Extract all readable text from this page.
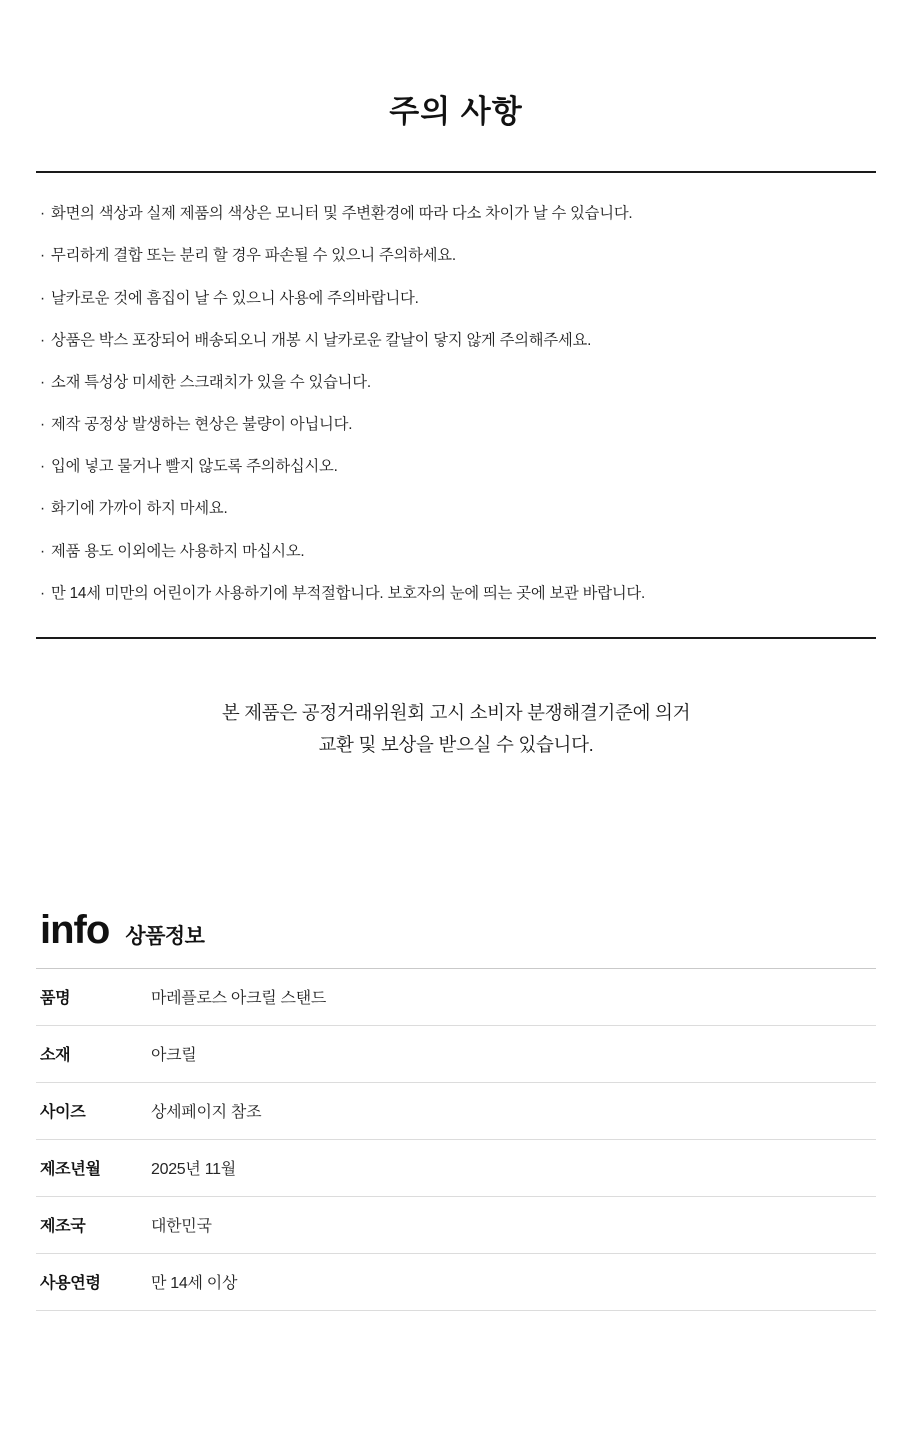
주의 사항
· 화면의 색상과 실제 제품의 색상은 모니터 및 주변환경에 따라 다소 차이가 날 수 있습니다.
· 무리하게 결합 또는 분리 할 경우 파손될 수 있으니 주의하세요.
· 날카로운 것에 흠집이 날 수 있으니 사용에 주의바랍니다.
· 상품은 박스 포장되어 배송되오니 개봉 시 날카로운 칼날이 닿지 않게 주의해주세요.
· 소재 특성상 미세한 스크래치가 있을 수 있습니다.
· 제작 공정상 발생하는 현상은 불량이 아닙니다.
· 입에 넣고 물거나 빨지 않도록 주의하십시오.
· 화기에 가까이 하지 마세요.
· 제품 용도 이외에는 사용하지 마십시오.
· 만 14세 미만의 어린이가 사용하기에 부적절합니다. 보호자의 눈에 띄는 곳에 보관 바랍니다.
본 제품은 공정거래위원회 고시 소비자 분쟁해결기준에 의거
교환 및 보상을 받으실 수 있습니다.
info 상품정보
품명	마레플로스 아크릴 스탠드
소재	아크릴
사이즈	상세페이지 참조
제조년월	2025년 11월
제조국	대한민국
사용연령	만 14세 이상
